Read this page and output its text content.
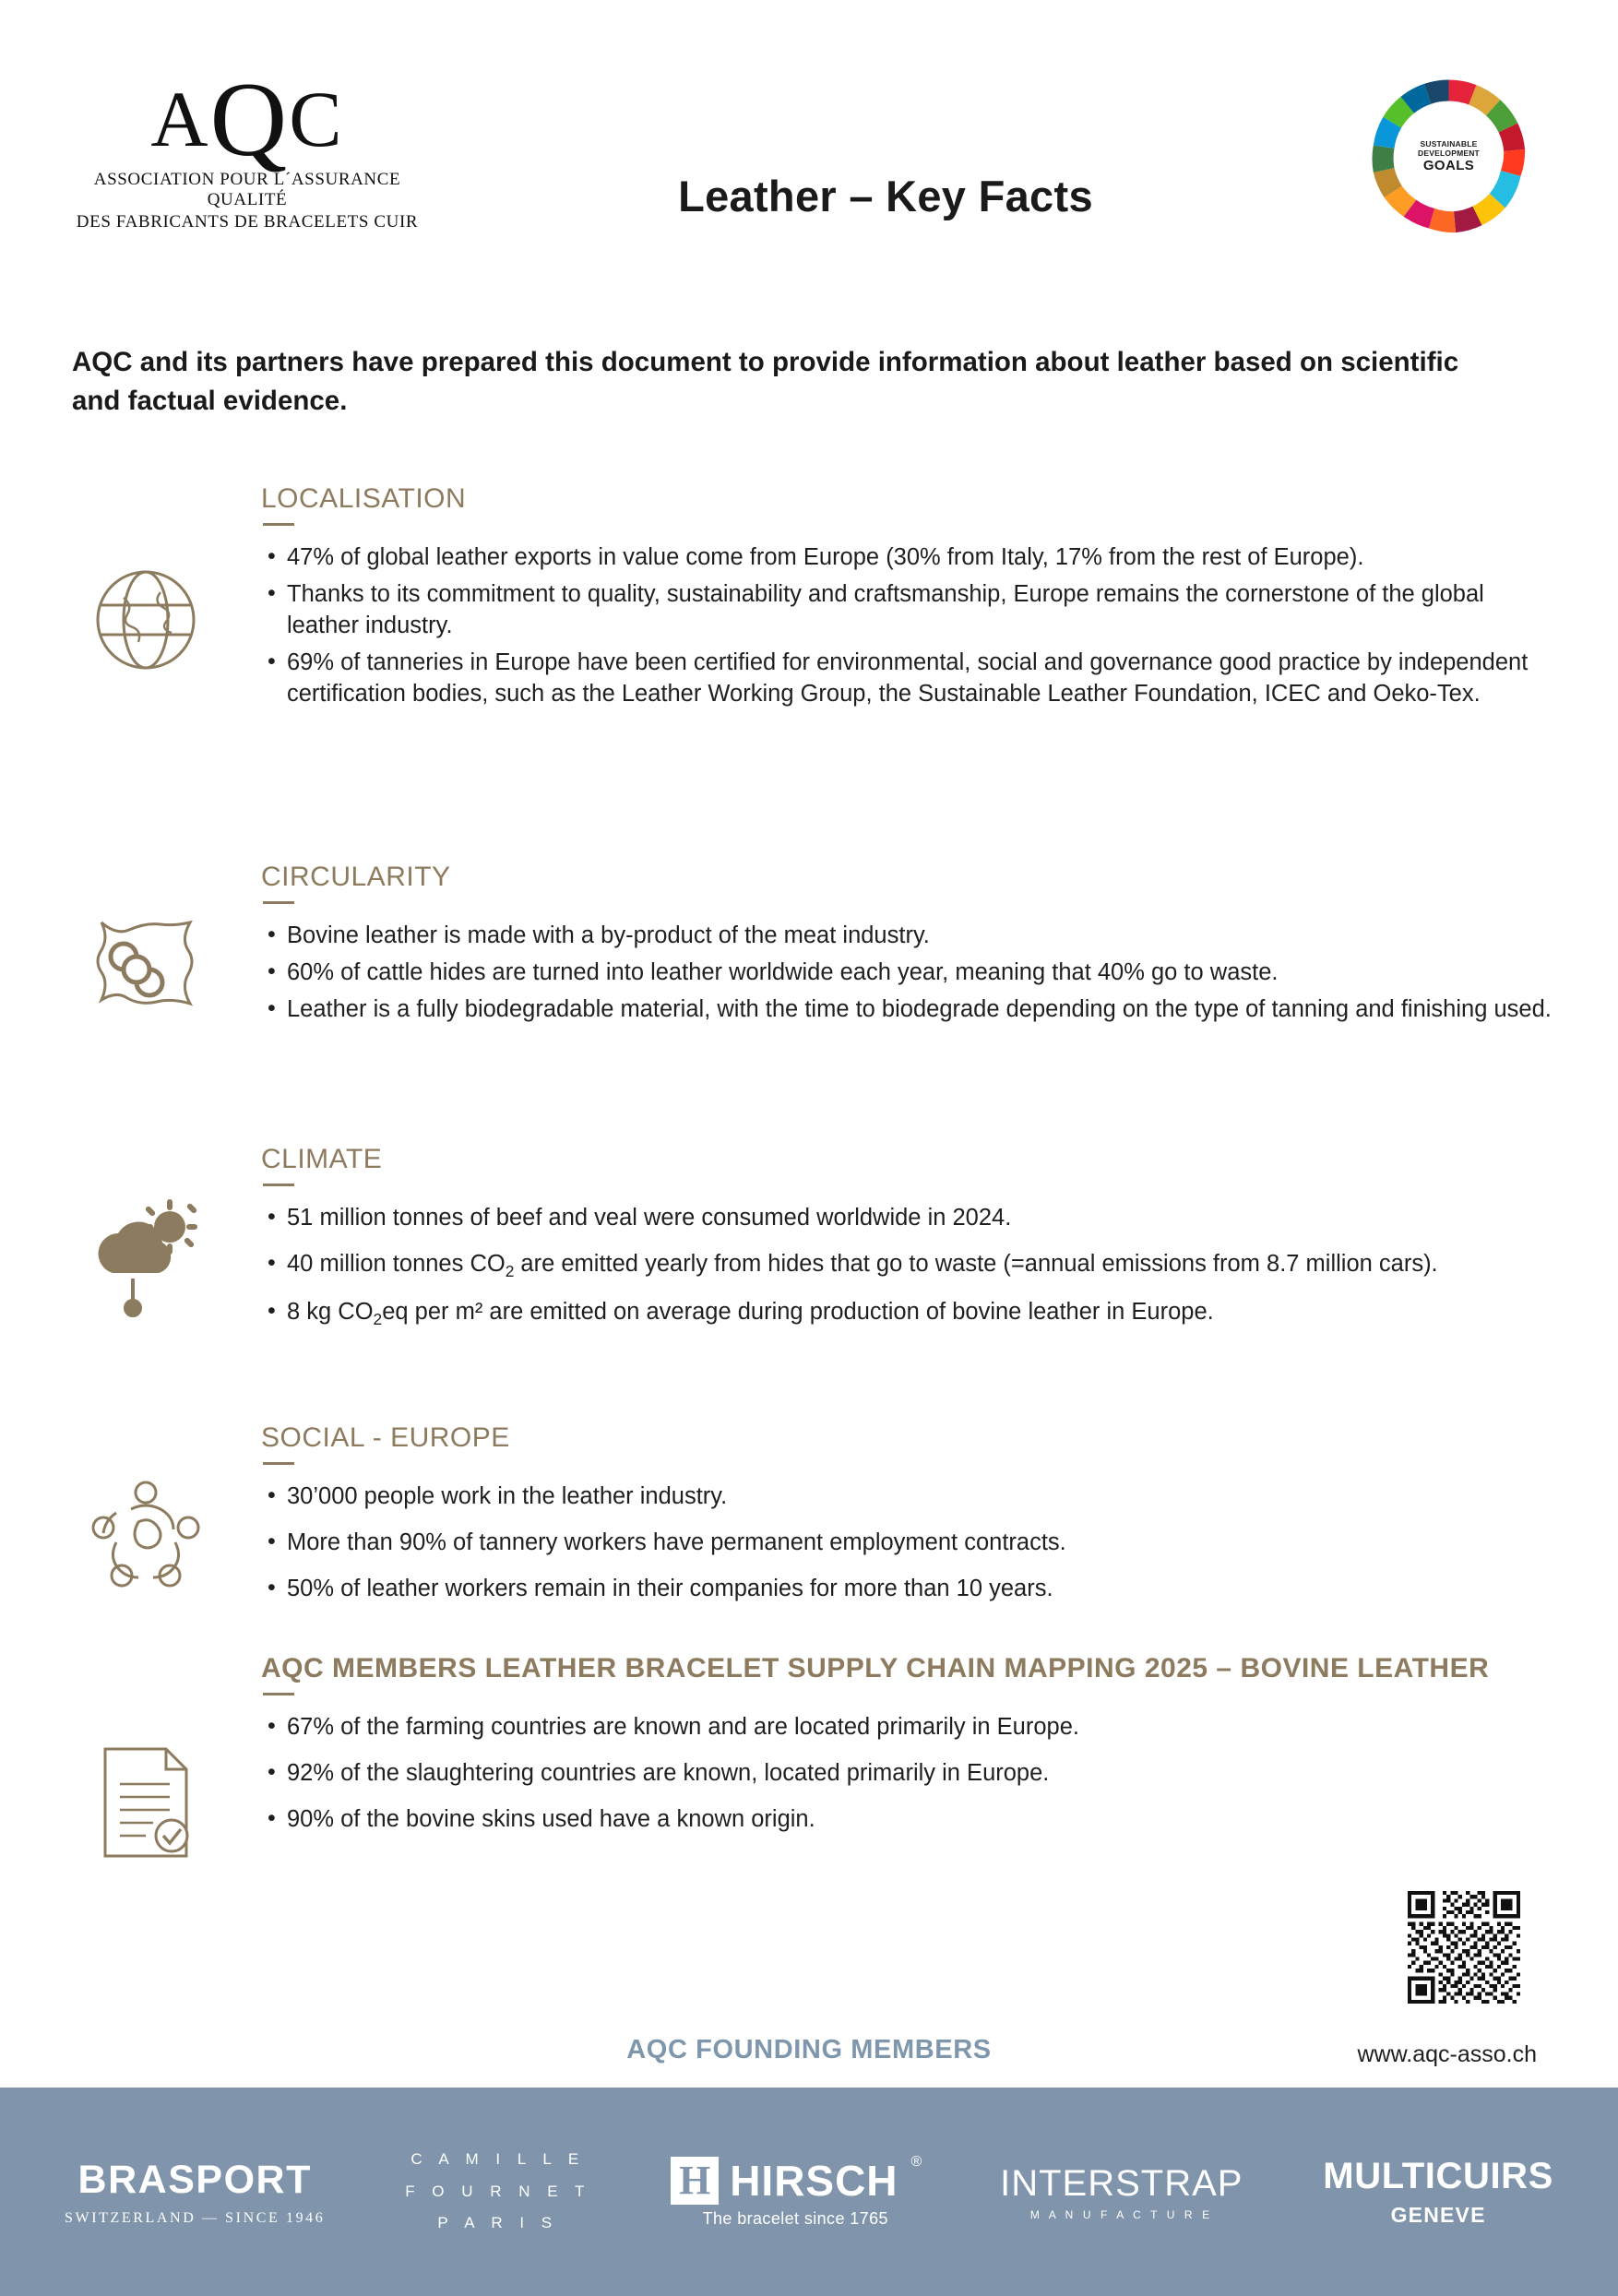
AQC
ASSOCIATION POUR L´ASSURANCE QUALITÉ
DES FABRICANTS DE BRACELETS CUIR
Leather – Key Facts
SUSTAINABLE
DEVELOPMENT
GOALS
AQC and its partners have prepared this document to provide information about leather based on scientific and factual evidence.
LOCALISATION
• 47% of global leather exports in value come from Europe (30% from Italy, 17% from the rest of Europe).
• Thanks to its commitment to quality, sustainability and craftsmanship, Europe remains the cornerstone of the global leather industry.
• 69% of tanneries in Europe have been certified for environmental, social and governance good practice by independent certification bodies, such as the Leather Working Group, the Sustainable Leather Foundation, ICEC and Oeko-Tex.
CIRCULARITY
• Bovine leather is made with a by-product of the meat industry.
• 60% of cattle hides are turned into leather worldwide each year, meaning that 40% go to waste.
• Leather is a fully biodegradable material, with the time to biodegrade depending on the type of tanning and finishing used.
CLIMATE
• 51 million tonnes of beef and veal were consumed worldwide in 2024.
• 40 million tonnes $CO_2$ are emitted yearly from hides that go to waste (=annual emissions from 8.7 million cars).
• 8 kg $CO_2eq$ per m² are emitted on average during production of bovine leather in Europe.
SOCIAL - EUROPE
• 30’000 people work in the leather industry.
• More than 90% of tannery workers have permanent employment contracts.
• 50% of leather workers remain in their companies for more than 10 years.
AQC MEMBERS LEATHER BRACELET SUPPLY CHAIN MAPPING 2025 – BOVINE LEATHER
• 67% of the farming countries are known and are located primarily in Europe.
• 92% of the slaughtering countries are known, located primarily in Europe.
• 90% of the bovine skins used have a known origin.
AQC FOUNDING MEMBERS	www.aqc-asso.ch
BRASPORT
SWITZERLAND — SINCE 1946
C A M I L L E
F O U R N E T
P A R I S
H HIRSCH ®
The bracelet since 1765
INTERSTRAP
M A N U F A C T U R E
MULTICUIRS
GENEVE
